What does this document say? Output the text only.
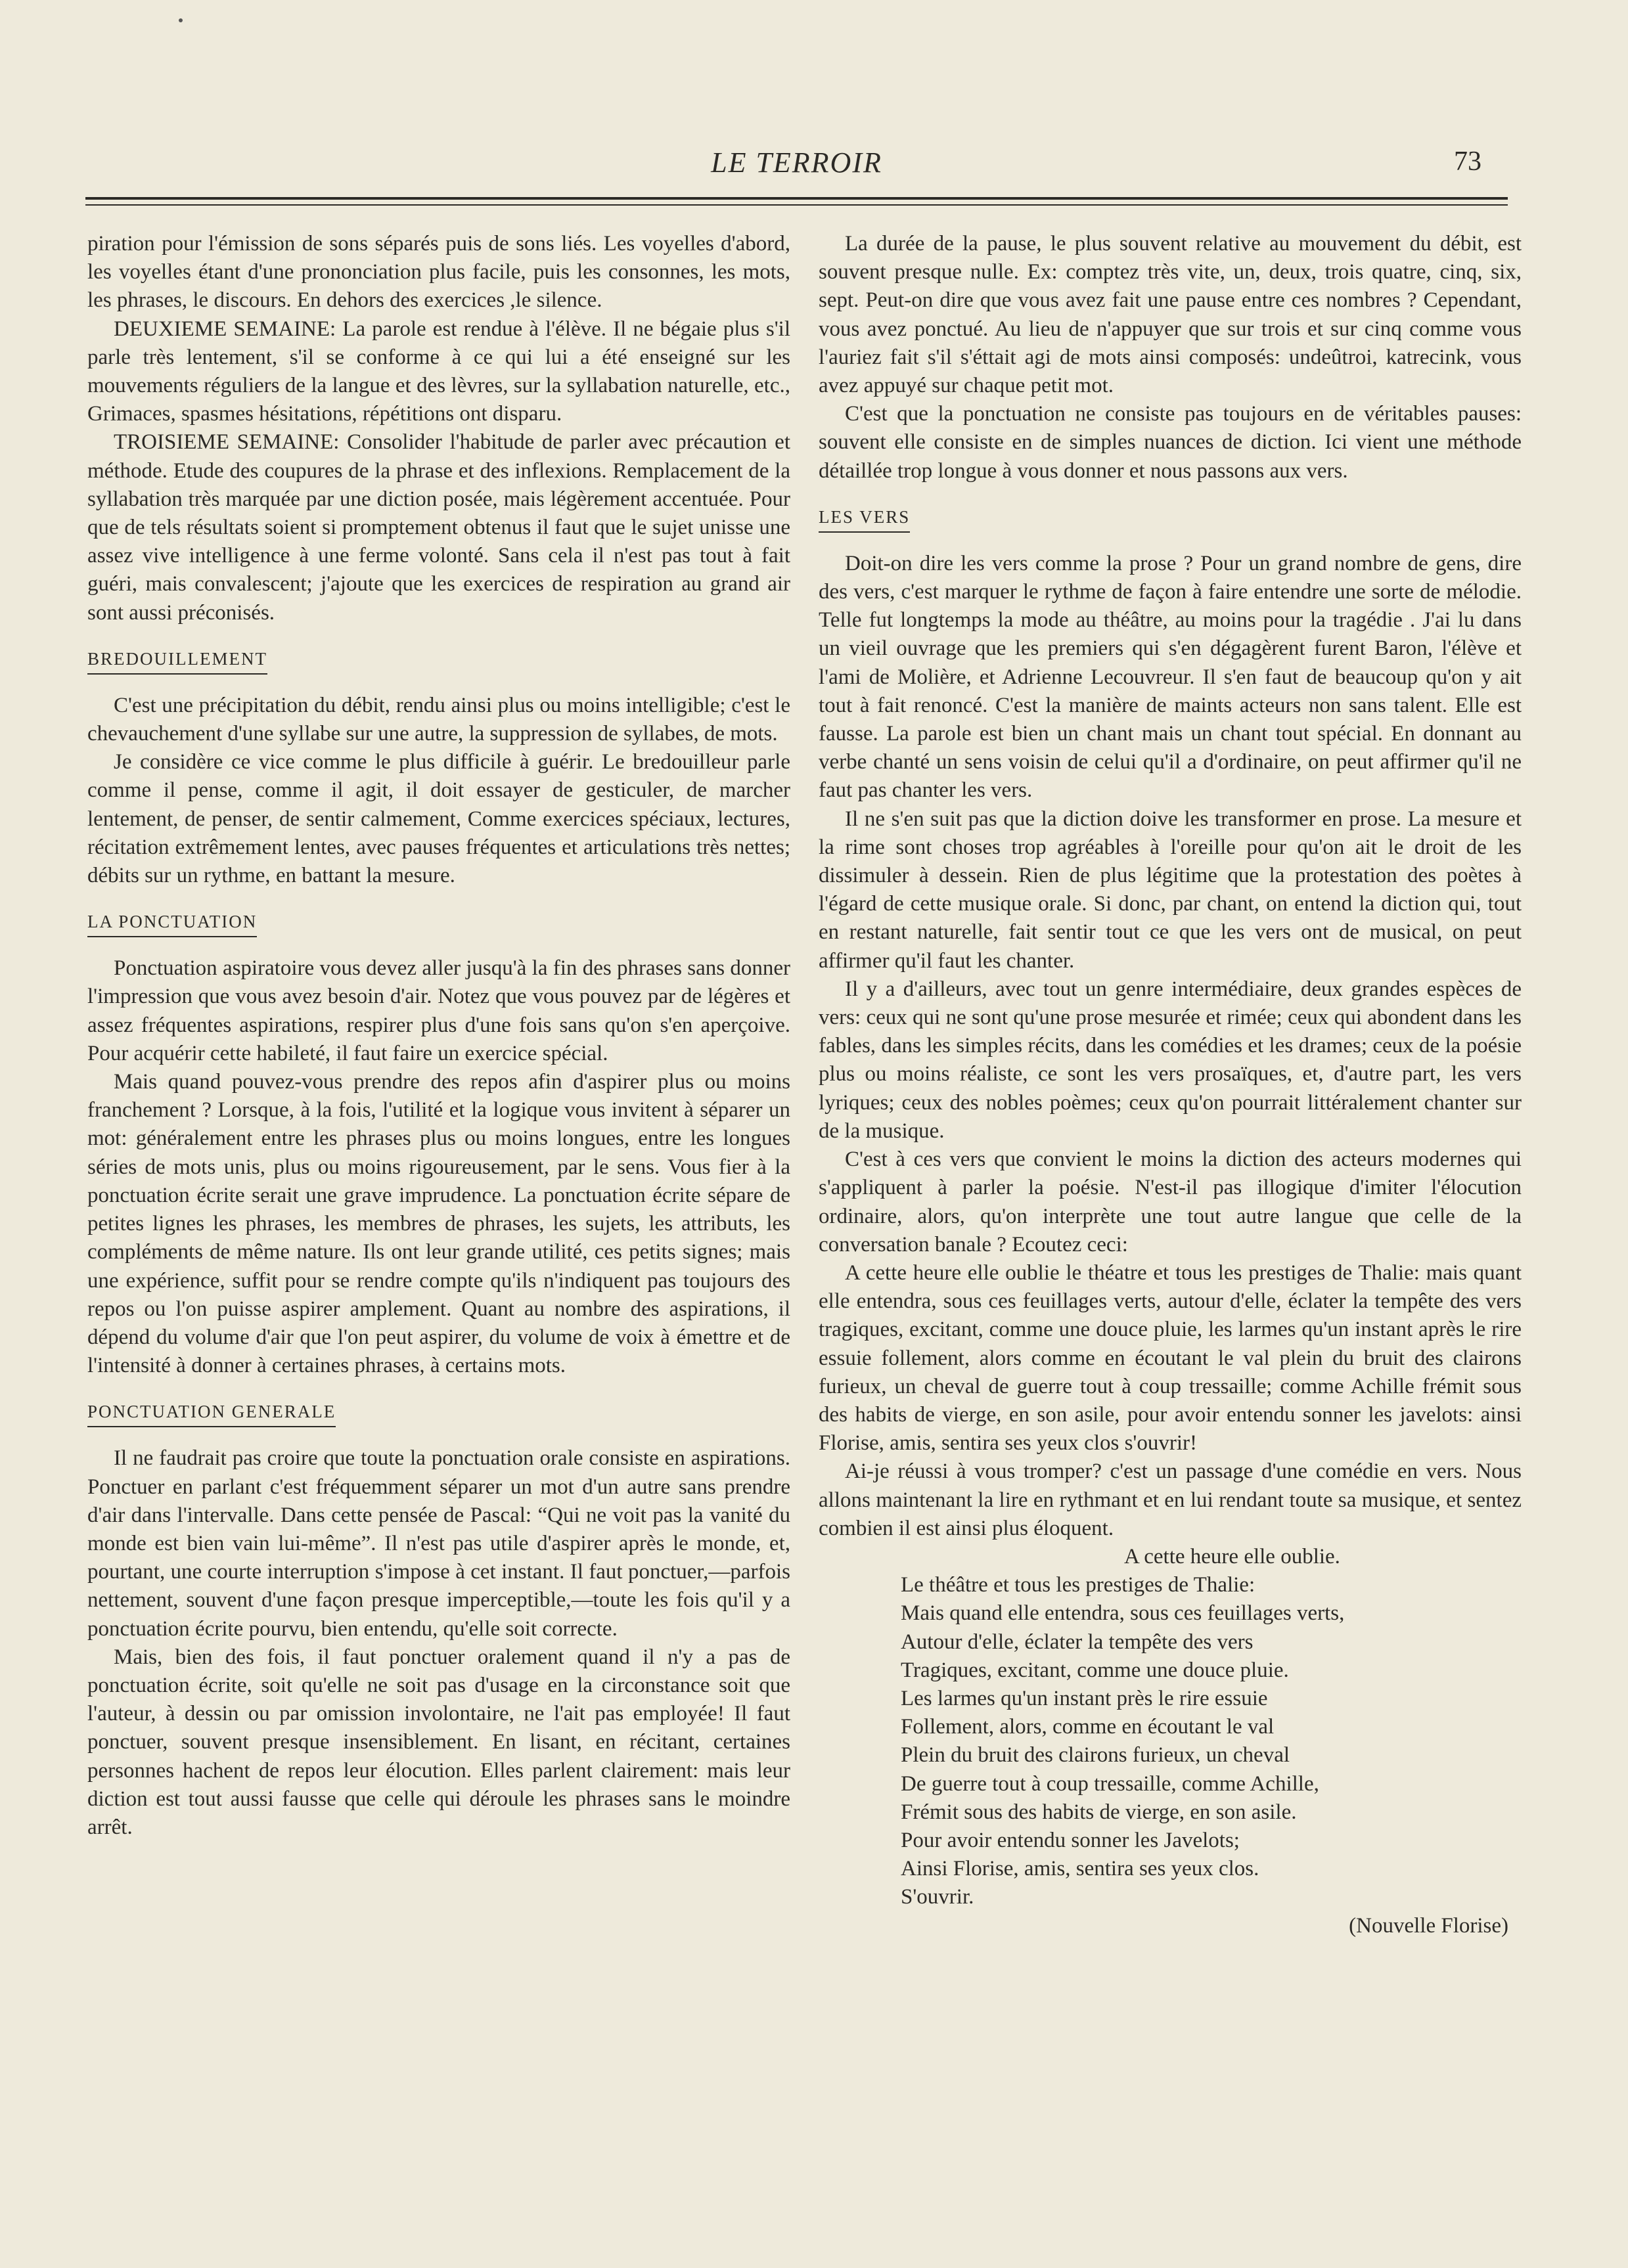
LE TERROIR	73

piration pour l'émission de sons séparés puis de sons liés. Les voyelles d'abord, les voyelles étant d'une prononciation plus facile, puis les consonnes, les mots, les phrases, le discours. En dehors des exercices ,le silence.

DEUXIEME SEMAINE: La parole est rendue à l'élève. Il ne bégaie plus s'il parle très lentement, s'il se conforme à ce qui lui a été enseigné sur les mouvements réguliers de la langue et des lèvres, sur la syllabation naturelle, etc., Grimaces, spasmes hésitations, répétitions ont disparu.

TROISIEME SEMAINE: Consolider l'habitude de parler avec précaution et méthode. Etude des coupures de la phrase et des inflexions. Remplacement de la syllabation très marquée par une diction posée, mais légèrement accentuée. Pour que de tels résultats soient si promptement obtenus il faut que le sujet unisse une assez vive intelligence à une ferme volonté. Sans cela il n'est pas tout à fait guéri, mais convalescent; j'ajoute que les exercices de respiration au grand air sont aussi préconisés.

BREDOUILLEMENT

C'est une précipitation du débit, rendu ainsi plus ou moins intelligible; c'est le chevauchement d'une syllabe sur une autre, la suppression de syllabes, de mots.

Je considère ce vice comme le plus difficile à guérir. Le bredouilleur parle comme il pense, comme il agit, il doit essayer de gesticuler, de marcher lentement, de penser, de sentir calmement, Comme exercices spéciaux, lectures, récitation extrêmement lentes, avec pauses fréquentes et articulations très nettes; débits sur un rythme, en battant la mesure.

LA PONCTUATION

Ponctuation aspiratoire vous devez aller jusqu'à la fin des phrases sans donner l'impression que vous avez besoin d'air. Notez que vous pouvez par de légères et assez fréquentes aspirations, respirer plus d'une fois sans qu'on s'en aperçoive. Pour acquérir cette habileté, il faut faire un exercice spécial.

Mais quand pouvez-vous prendre des repos afin d'aspirer plus ou moins franchement ? Lorsque, à la fois, l'utilité et la logique vous invitent à séparer un mot: généralement entre les phrases plus ou moins longues, entre les longues séries de mots unis, plus ou moins rigoureusement, par le sens. Vous fier à la ponctuation écrite serait une grave imprudence. La ponctuation écrite sépare de petites lignes les phrases, les membres de phrases, les sujets, les attributs, les compléments de même nature. Ils ont leur grande utilité, ces petits signes; mais une expérience, suffit pour se rendre compte qu'ils n'indiquent pas toujours des repos ou l'on puisse aspirer amplement. Quant au nombre des aspirations, il dépend du volume d'air que l'on peut aspirer, du volume de voix à émettre et de l'intensité à donner à certaines phrases, à certains mots.

PONCTUATION GENERALE

Il ne faudrait pas croire que toute la ponctuation orale consiste en aspirations. Ponctuer en parlant c'est fréquemment séparer un mot d'un autre sans prendre d'air dans l'intervalle. Dans cette pensée de Pascal: “Qui ne voit pas la vanité du monde est bien vain lui-même”. Il n'est pas utile d'aspirer après le monde, et, pourtant, une courte interruption s'impose à cet instant. Il faut ponctuer,—parfois nettement, souvent d'une façon presque imperceptible,—toute les fois qu'il y a ponctuation écrite pourvu, bien entendu, qu'elle soit correcte.

Mais, bien des fois, il faut ponctuer oralement quand il n'y a pas de ponctuation écrite, soit qu'elle ne soit pas d'usage en la circonstance soit que l'auteur, à dessin ou par omission involontaire, ne l'ait pas employée! Il faut ponctuer, souvent presque insensiblement. En lisant, en récitant, certaines personnes hachent de repos leur élocution. Elles parlent clairement: mais leur diction est tout aussi fausse que celle qui déroule les phrases sans le moindre arrêt.

La durée de la pause, le plus souvent relative au mouvement du débit, est souvent presque nulle. Ex: comptez très vite, un, deux, trois quatre, cinq, six, sept. Peut-on dire que vous avez fait une pause entre ces nombres ? Cependant, vous avez ponctué. Au lieu de n'appuyer que sur trois et sur cinq comme vous l'auriez fait s'il s'éttait agi de mots ainsi composés: undeûtroi, katrecink, vous avez appuyé sur chaque petit mot.

C'est que la ponctuation ne consiste pas toujours en de véritables pauses: souvent elle consiste en de simples nuances de diction. Ici vient une méthode détaillée trop longue à vous donner et nous passons aux vers.

LES VERS

Doit-on dire les vers comme la prose ? Pour un grand nombre de gens, dire des vers, c'est marquer le rythme de façon à faire entendre une sorte de mélodie. Telle fut longtemps la mode au théâtre, au moins pour la tragédie . J'ai lu dans un vieil ouvrage que les premiers qui s'en dégagèrent furent Baron, l'élève et l'ami de Molière, et Adrienne Lecouvreur. Il s'en faut de beaucoup qu'on y ait tout à fait renoncé. C'est la manière de maints acteurs non sans talent. Elle est fausse. La parole est bien un chant mais un chant tout spécial. En donnant au verbe chanté un sens voisin de celui qu'il a d'ordinaire, on peut affirmer qu'il ne faut pas chanter les vers.

Il ne s'en suit pas que la diction doive les transformer en prose. La mesure et la rime sont choses trop agréables à l'oreille pour qu'on ait le droit de les dissimuler à dessein. Rien de plus légitime que la protestation des poètes à l'égard de cette musique orale. Si donc, par chant, on entend la diction qui, tout en restant naturelle, fait sentir tout ce que les vers ont de musical, on peut affirmer qu'il faut les chanter.

Il y a d'ailleurs, avec tout un genre intermédiaire, deux grandes espèces de vers: ceux qui ne sont qu'une prose mesurée et rimée; ceux qui abondent dans les fables, dans les simples récits, dans les comédies et les drames; ceux de la poésie plus ou moins réaliste, ce sont les vers prosaïques, et, d'autre part, les vers lyriques; ceux des nobles poèmes; ceux qu'on pourrait littéralement chanter sur de la musique.

C'est à ces vers que convient le moins la diction des acteurs modernes qui s'appliquent à parler la poésie. N'est-il pas illogique d'imiter l'élocution ordinaire, alors, qu'on interprète une tout autre langue que celle de la conversation banale ? Ecoutez ceci:

A cette heure elle oublie le théatre et tous les prestiges de Thalie: mais quant elle entendra, sous ces feuillages verts, autour d'elle, éclater la tempête des vers tragiques, excitant, comme une douce pluie, les larmes qu'un instant après le rire essuie follement, alors comme en écoutant le val plein du bruit des clairons furieux, un cheval de guerre tout à coup tressaille; comme Achille frémit sous des habits de vierge, en son asile, pour avoir entendu sonner les javelots: ainsi Florise, amis, sentira ses yeux clos s'ouvrir!

Ai-je réussi à vous tromper? c'est un passage d'une comédie en vers. Nous allons maintenant la lire en rythmant et en lui rendant toute sa musique, et sentez combien il est ainsi plus éloquent.

A cette heure elle oublie.
Le théâtre et tous les prestiges de Thalie:
Mais quand elle entendra, sous ces feuillages verts,
Autour d'elle, éclater la tempête des vers
Tragiques, excitant, comme une douce pluie.
Les larmes qu'un instant près le rire essuie
Follement, alors, comme en écoutant le val
Plein du bruit des clairons furieux, un cheval
De guerre tout à coup tressaille, comme Achille,
Frémit sous des habits de vierge, en son asile.
Pour avoir entendu sonner les Javelots;
Ainsi Florise, amis, sentira ses yeux clos.
S'ouvrir.
(Nouvelle Florise)
